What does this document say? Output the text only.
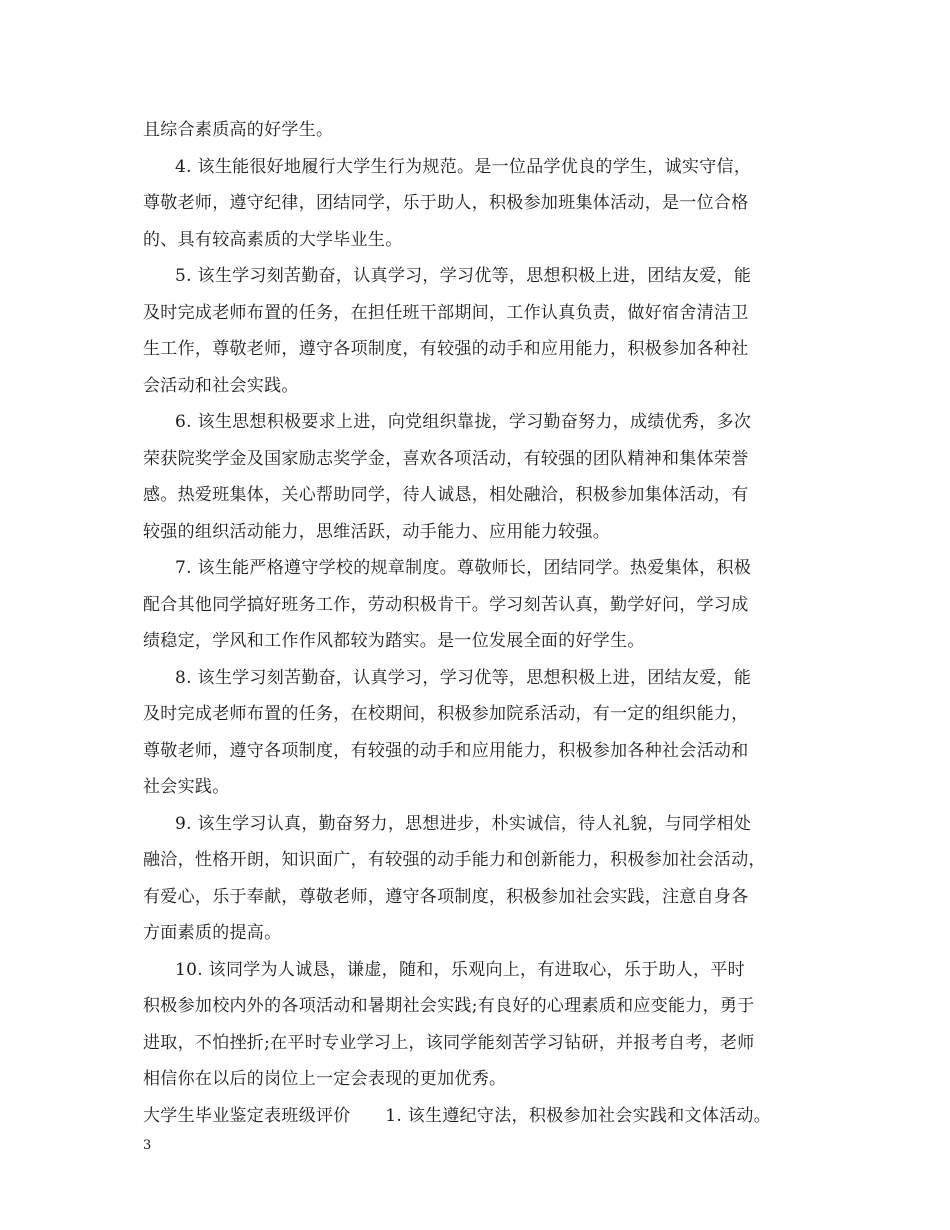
且综合素质高的好学生。
4. 该生能很好地履行大学生行为规范。是一位品学优良的学生，诚实守信，
尊敬老师，遵守纪律，团结同学，乐于助人，积极参加班集体活动，是一位合格
的、具有较高素质的大学毕业生。
5. 该生学习刻苦勤奋，认真学习，学习优等，思想积极上进，团结友爱，能
及时完成老师布置的任务，在担任班干部期间，工作认真负责，做好宿舍清洁卫
生工作，尊敬老师，遵守各项制度，有较强的动手和应用能力，积极参加各种社
会活动和社会实践。
6. 该生思想积极要求上进，向党组织靠拢，学习勤奋努力，成绩优秀，多次
荣获院奖学金及国家励志奖学金，喜欢各项活动，有较强的团队精神和集体荣誉
感。热爱班集体，关心帮助同学，待人诚恳，相处融洽，积极参加集体活动，有
较强的组织活动能力，思维活跃，动手能力、应用能力较强。
7. 该生能严格遵守学校的规章制度。尊敬师长，团结同学。热爱集体，积极
配合其他同学搞好班务工作，劳动积极肯干。学习刻苦认真，勤学好问，学习成
绩稳定，学风和工作作风都较为踏实。是一位发展全面的好学生。
8. 该生学习刻苦勤奋，认真学习，学习优等，思想积极上进，团结友爱，能
及时完成老师布置的任务，在校期间，积极参加院系活动，有一定的组织能力，
尊敬老师，遵守各项制度，有较强的动手和应用能力，积极参加各种社会活动和
社会实践。
9. 该生学习认真，勤奋努力，思想进步，朴实诚信，待人礼貌，与同学相处
融洽，性格开朗，知识面广，有较强的动手能力和创新能力，积极参加社会活动，
有爱心，乐于奉献，尊敬老师，遵守各项制度，积极参加社会实践，注意自身各
方面素质的提高。
10. 该同学为人诚恳，谦虚，随和，乐观向上，有进取心，乐于助人，平时
积极参加校内外的各项活动和暑期社会实践;有良好的心理素质和应变能力，勇于
进取，不怕挫折;在平时专业学习上，该同学能刻苦学习钻研，并报考自考，老师
相信你在以后的岗位上一定会表现的更加优秀。
大学生毕业鉴定表班级评价　　1. 该生遵纪守法，积极参加社会实践和文体活动。
3
